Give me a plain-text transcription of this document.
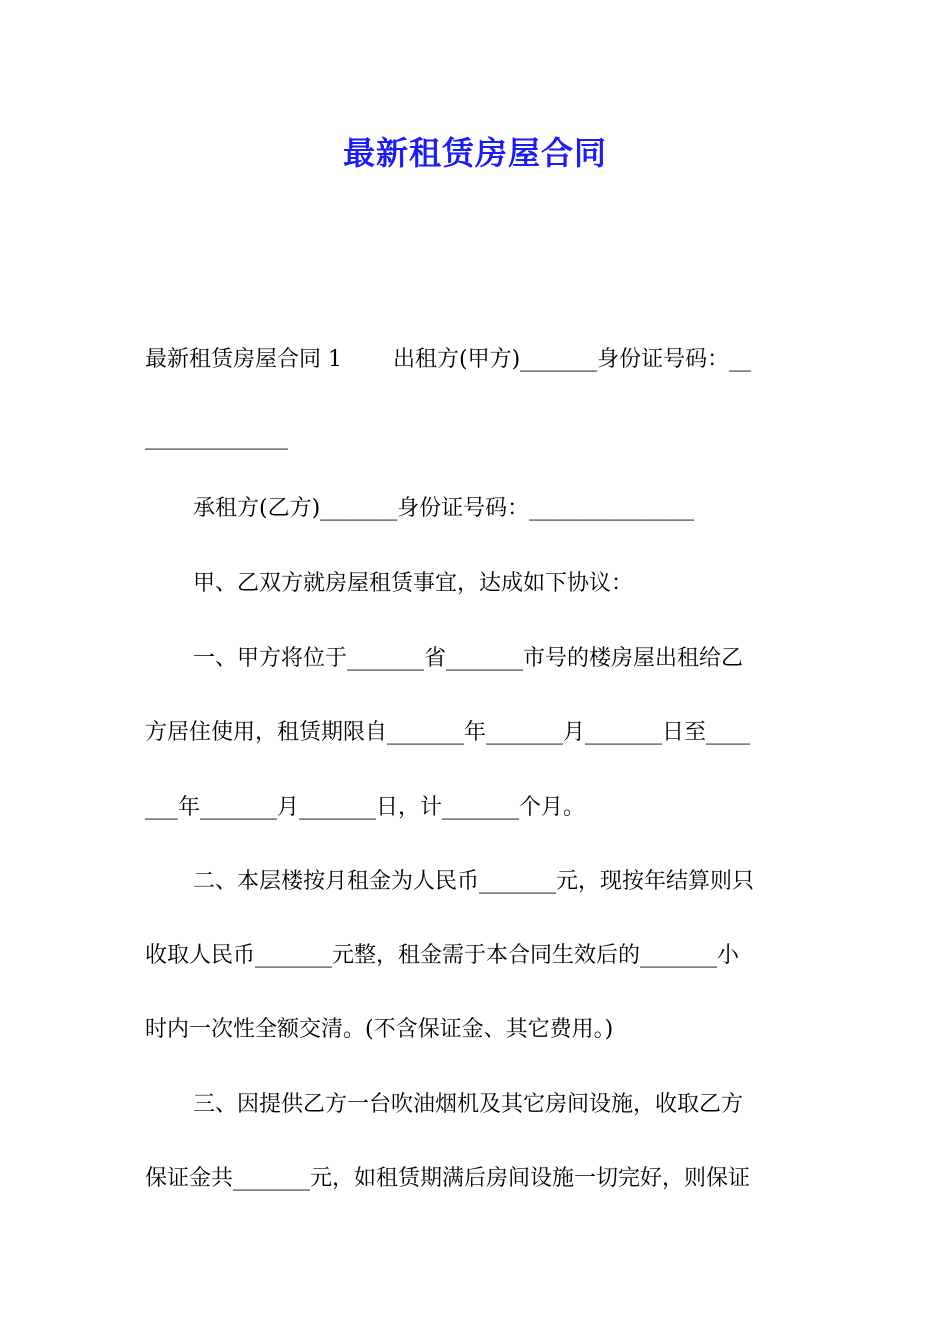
最新租赁房屋合同
最新租赁房屋合同 1　　 出租方(甲方)_______身份证号码：__
_____________
承租方(乙方)_______身份证号码：_______________
甲、乙双方就房屋租赁事宜，达成如下协议：
一、甲方将位于_______省_______市号的楼房屋出租给乙
方居住使用，租赁期限自_______年_______月_______日至____
___年_______月_______日，计_______个月。
二、本层楼按月租金为人民币_______元，现按年结算则只
收取人民币_______元整，租金需于本合同生效后的_______小
时内一次性全额交清。(不含保证金、其它费用。)
三、因提供乙方一台吹油烟机及其它房间设施，收取乙方
保证金共_______元，如租赁期满后房间设施一切完好，则保证
